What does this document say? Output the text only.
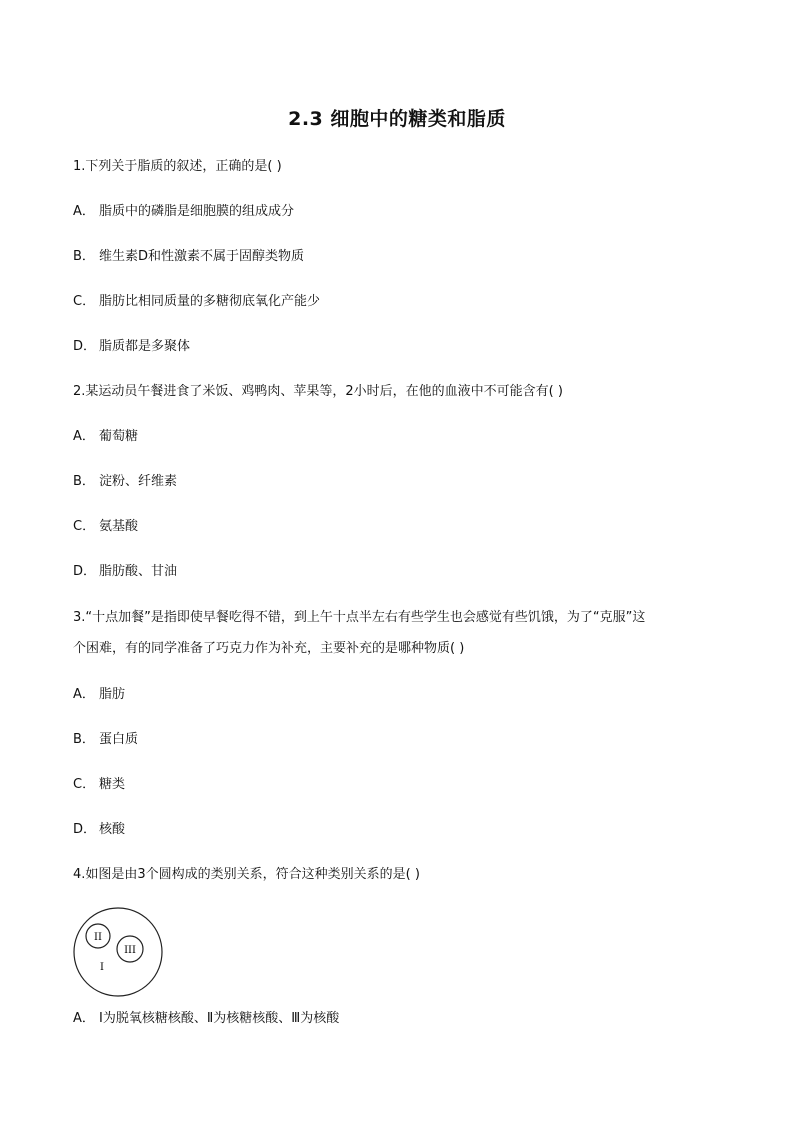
2.3 细胞中的糖类和脂质
1.下列关于脂质的叙述，正确的是( )
A． 脂质中的磷脂是细胞膜的组成成分
B． 维生素D和性激素不属于固醇类物质
C． 脂肪比相同质量的多糖彻底氧化产能少
D． 脂质都是多聚体
2.某运动员午餐进食了米饭、鸡鸭肉、苹果等，2小时后，在他的血液中不可能含有( )
A． 葡萄糖
B． 淀粉、纤维素
C． 氨基酸
D． 脂肪酸、甘油
3.“十点加餐”是指即使早餐吃得不错，到上午十点半左右有些学生也会感觉有些饥饿，为了“克服”这
个困难，有的同学准备了巧克力作为补充，主要补充的是哪种物质( )
A． 脂肪
B． 蛋白质
C． 糖类
D． 核酸
4.如图是由3个圆构成的类别关系，符合这种类别关系的是( )
II
III
I
A． Ⅰ为脱氧核糖核酸、Ⅱ为核糖核酸、Ⅲ为核酸
